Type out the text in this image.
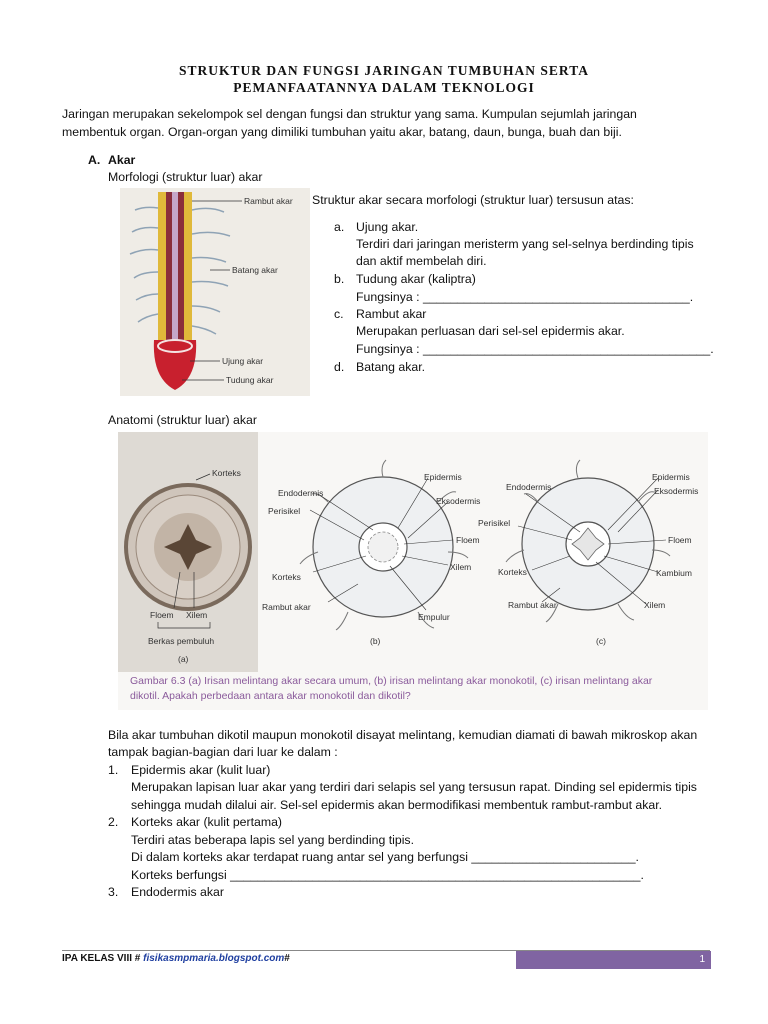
STRUKTUR DAN FUNGSI JARINGAN TUMBUHAN SERTA
PEMANFAATANNYA DALAM TEKNOLOGI
Jaringan merupakan sekelompok sel dengan fungsi dan struktur yang sama. Kumpulan sejumlah jaringan
membentuk organ. Organ-organ yang dimiliki tumbuhan yaitu akar, batang, daun, bunga, buah dan biji.
A. Akar
Morfologi (struktur luar) akar
Rambut akar
Batang akar
Ujung akar
Tudung akar
Struktur akar secara morfologi (struktur luar) tersusun atas:
a. Ujung akar.
Terdiri dari jaringan meristerm yang sel-selnya berdinding tipis
dan aktif membelah diri.
b. Tudung akar (kaliptra)
Fungsinya : _______________________________________.
c. Rambut akar
Merupakan perluasan dari sel-sel epidermis akar.
Fungsinya : __________________________________________.
d. Batang akar.
Anatomi (struktur luar) akar
Korteks
Floem Xilem
Berkas pembuluh
(a)
Endodermis
Epidermis
Perisikel
Eksodermis
Floem
Xilem
Korteks
Rambut akar
Empulur
(b)
Endodermis
Epidermis
Eksodermis
Perisikel
Floem
Korteks	Kambium
Rambut akar	Xilem
(c)
Gambar 6.3 (a) Irisan melintang akar secara umum, (b) irisan melintang akar monokotil, (c) irisan melintang akar
dikotil. Apakah perbedaan antara akar monokotil dan dikotil?
Bila akar tumbuhan dikotil maupun monokotil disayat melintang, kemudian diamati di bawah mikroskop akan
tampak bagian-bagian dari luar ke dalam :
1. Epidermis akar (kulit luar)
Merupakan lapisan luar akar yang terdiri dari selapis sel yang tersusun rapat. Dinding sel epidermis tipis
sehingga mudah dilalui air. Sel-sel epidermis akan bermodifikasi membentuk rambut-rambut akar.
2. Korteks akar (kulit pertama)
Terdiri atas beberapa lapis sel yang berdinding tipis.
Di dalam korteks akar terdapat ruang antar sel yang berfungsi ________________________.
Korteks berfungsi ____________________________________________________________.
3. Endodermis akar
IPA KELAS VIII # fisikasmpmaria.blogspot.com#	1
